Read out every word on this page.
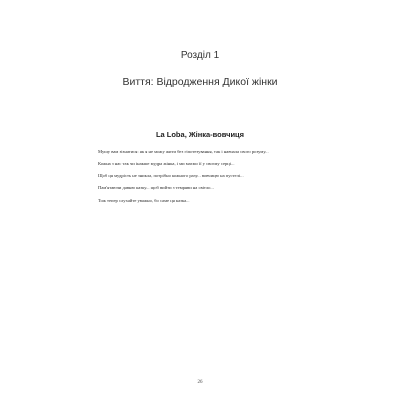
Розділ 1
Виття: Відродження Дикої жінки
La Loba, Жінка-вовчиця

Мушу вам зізнатися: як я не можу жити без гіпотезування, так і навчала свого розуму...

Кожна з нас так чи інакше мудра жінка, і ми маємо її у своєму серці...

Щоб ця мудрість не зникла, потрібно кожного разу... вовчицю на пустелі...

Пам'ятаючи давню казку... щоб вийти з темряви на світло...

Тож тепер слухайте уважно, бо саме ця казка...

26
